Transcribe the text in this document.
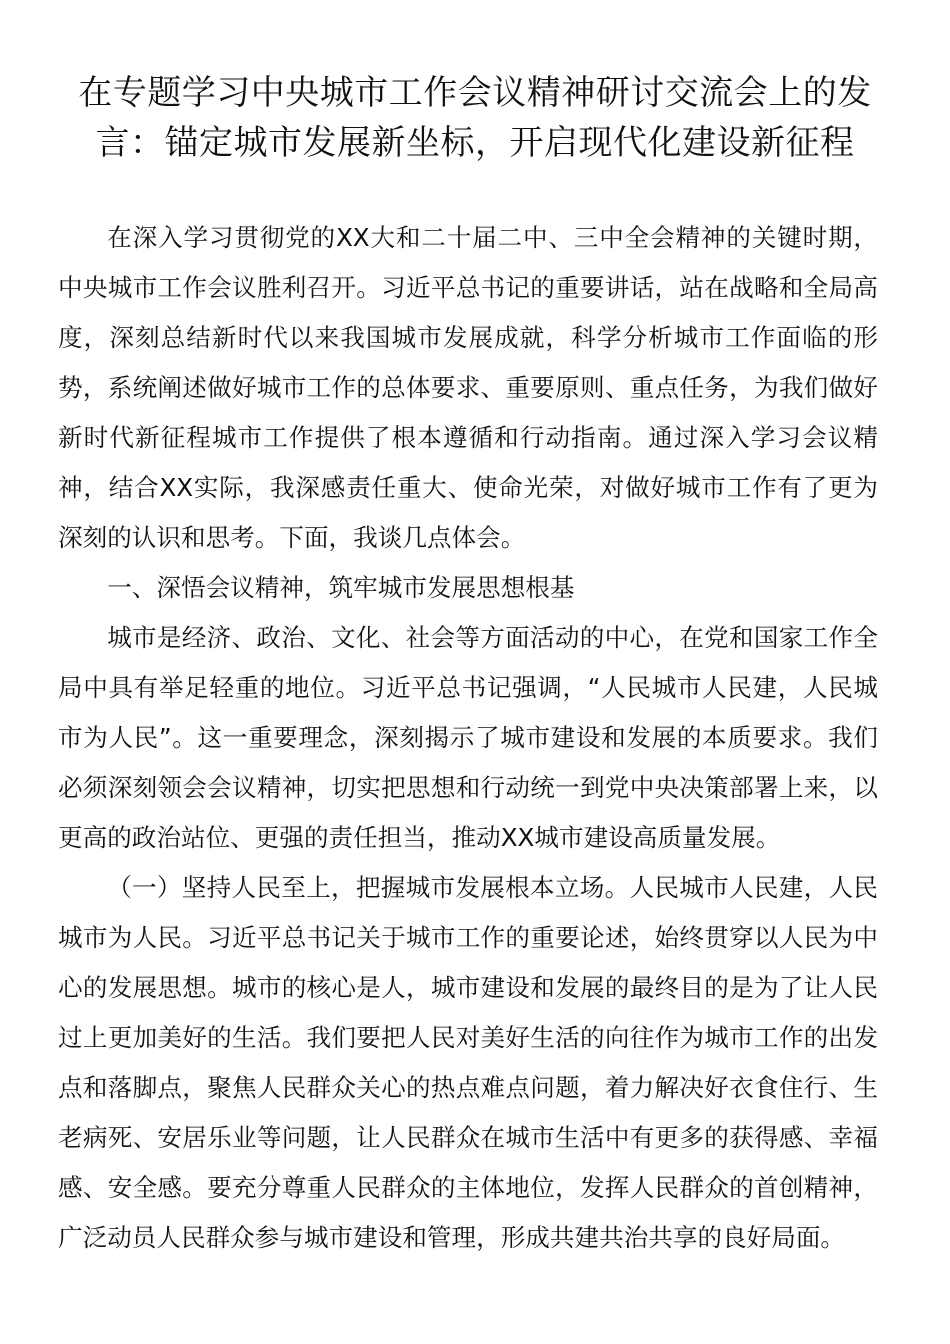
在专题学习中央城市工作会议精神研讨交流会上的发言：锚定城市发展新坐标，开启现代化建设新征程

在深入学习贯彻党的XX大和二十届二中、三中全会精神的关键时期，中央城市工作会议胜利召开。习近平总书记的重要讲话，站在战略和全局高度，深刻总结新时代以来我国城市发展成就，科学分析城市工作面临的形势，系统阐述做好城市工作的总体要求、重要原则、重点任务，为我们做好新时代新征程城市工作提供了根本遵循和行动指南。通过深入学习会议精神，结合XX实际，我深感责任重大、使命光荣，对做好城市工作有了更为深刻的认识和思考。下面，我谈几点体会。

一、深悟会议精神，筑牢城市发展思想根基

城市是经济、政治、文化、社会等方面活动的中心，在党和国家工作全局中具有举足轻重的地位。习近平总书记强调，“人民城市人民建，人民城市为人民”。这一重要理念，深刻揭示了城市建设和发展的本质要求。我们必须深刻领会会议精神，切实把思想和行动统一到党中央决策部署上来，以更高的政治站位、更强的责任担当，推动XX城市建设高质量发展。

（一）坚持人民至上，把握城市发展根本立场。人民城市人民建，人民城市为人民。习近平总书记关于城市工作的重要论述，始终贯穿以人民为中心的发展思想。城市的核心是人，城市建设和发展的最终目的是为了让人民过上更加美好的生活。我们要把人民对美好生活的向往作为城市工作的出发点和落脚点，聚焦人民群众关心的热点难点问题，着力解决好衣食住行、生老病死、安居乐业等问题，让人民群众在城市生活中有更多的获得感、幸福感、安全感。要充分尊重人民群众的主体地位，发挥人民群众的首创精神，广泛动员人民群众参与城市建设和管理，形成共建共治共享的良好局面。
